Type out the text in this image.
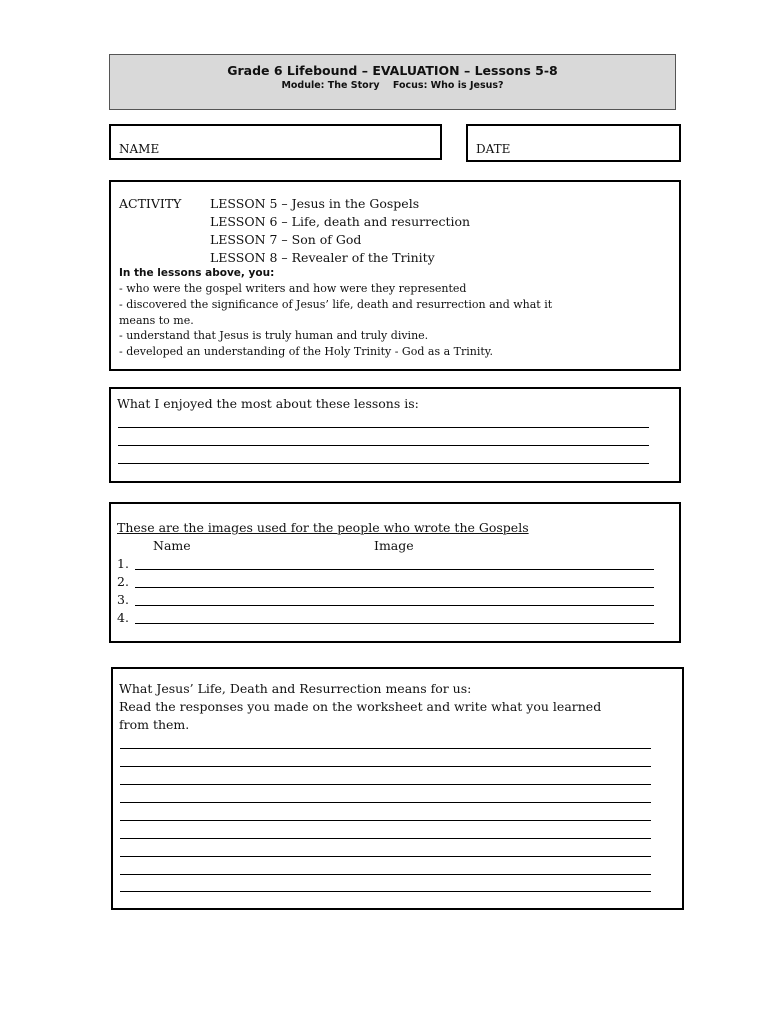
Grade 6 Lifebound – EVALUATION – Lessons 5-8
Module: The Story Focus: Who is Jesus?
NAME	DATE
ACTIVITY LESSON 5 – Jesus in the Gospels
LESSON 6 – Life, death and resurrection
LESSON 7 – Son of God
LESSON 8 – Revealer of the Trinity
In the lessons above, you:
- who were the gospel writers and how were they represented
- discovered the significance of Jesus’ life, death and resurrection and what it
means to me.
- understand that Jesus is truly human and truly divine.
- developed an understanding of the Holy Trinity - God as a Trinity.
What I enjoyed the most about these lessons is:
These are the images used for the people who wrote the Gospels
Name	Image
1.
2.
3.
4.
What Jesus’ Life, Death and Resurrection means for us:
Read the responses you made on the worksheet and write what you learned
from them.
